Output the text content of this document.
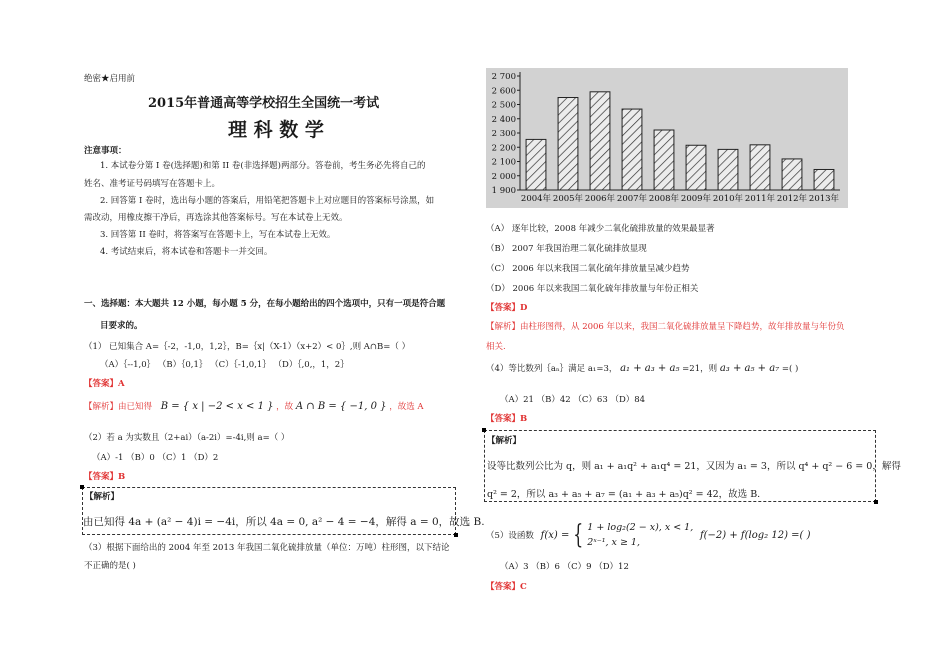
绝密★启用前
2015年普通高等学校招生全国统一考试
理 科 数 学
注意事项：
1. 本试卷分第 I 卷(选择题)和第 II 卷(非选择题)两部分。答卷前，考生务必先将自己的
姓名、准考证号码填写在答题卡上。
2. 回答第 I 卷时，选出每小题的答案后，用铅笔把答题卡上对应题目的答案标号涂黑，如
需改动，用橡皮擦干净后，再选涂其他答案标号。写在本试卷上无效。
3. 回答第 II 卷时，将答案写在答题卡上，写在本试卷上无效。
4. 考试结束后，将本试卷和答题卡一并交回。
一、选择题：本大题共 12 小题，每小题 5 分，在每小题给出的四个选项中，只有一项是符合题
目要求的。
（1） 已知集合 A=｛-2，-1,0，1,2｝，B=｛x|（X-1）（x+2）< 0｝,则 A∩B=（ ）
（A）｛--1,0｝ （B）｛0,1｝ （C）｛-1,0,1｝ （D）｛,0,，1，2｝
【答案】A
【解析】由已知得 B = { x | −2 < x < 1 } ，故 A ∩ B = { −1, 0 } ，故选 A
（2）若 a 为实数且（2+ai）（a-2i）=-4i,则 a=（ ）
（A）-1 （B）0 （C）1 （D）2
【答案】B
【解析】
由已知得 4a + (a² − 4)i = −4i，所以 4a = 0, a² − 4 = −4，解得 a = 0，故选 B.
（3）根据下面给出的 2004 年至 2013 年我国二氧化硫排放量（单位：万吨）柱形图，以下结论
不正确的是( )
1 900
2 000
2 100
2 200
2 300
2 400
2 500
2 600
2 700
2004年 2005年 2006年 2007年 2008年 2009年 2010年 2011年 2012年 2013年
（A） 逐年比较，2008 年减少二氧化硫排放量的效果最显著
（B） 2007 年我国治理二氧化硫排放显现
（C） 2006 年以来我国二氧化硫年排放量呈减少趋势
（D） 2006 年以来我国二氧化硫年排放量与年份正相关
【答案】D
【解析】由柱形图得，从 2006 年以来，我国二氧化硫排放量呈下降趋势，故年排放量与年份负
相关.
（4）等比数列｛aₙ｝满足 a₁=3， a₁ + a₃ + a₅ =21，则 a₃ + a₅ + a₇ =( )
（A）21 （B）42 （C）63 （D）84
【答案】B
【解析】
设等比数列公比为 q，则 a₁ + a₁q² + a₁q⁴ = 21，又因为 a₁ = 3，所以 q⁴ + q² − 6 = 0，解得
q² = 2，所以 a₃ + a₅ + a₇ = (a₁ + a₃ + a₅)q² = 42，故选 B.
（5）设函数 f(x) = { 1 + log₂(2 − x), x < 1,
2ˣ⁻¹, x ≥ 1,
f(−2) + f(log₂ 12) =( )
（A）3 （B）6 （C）9 （D）12
【答案】C
